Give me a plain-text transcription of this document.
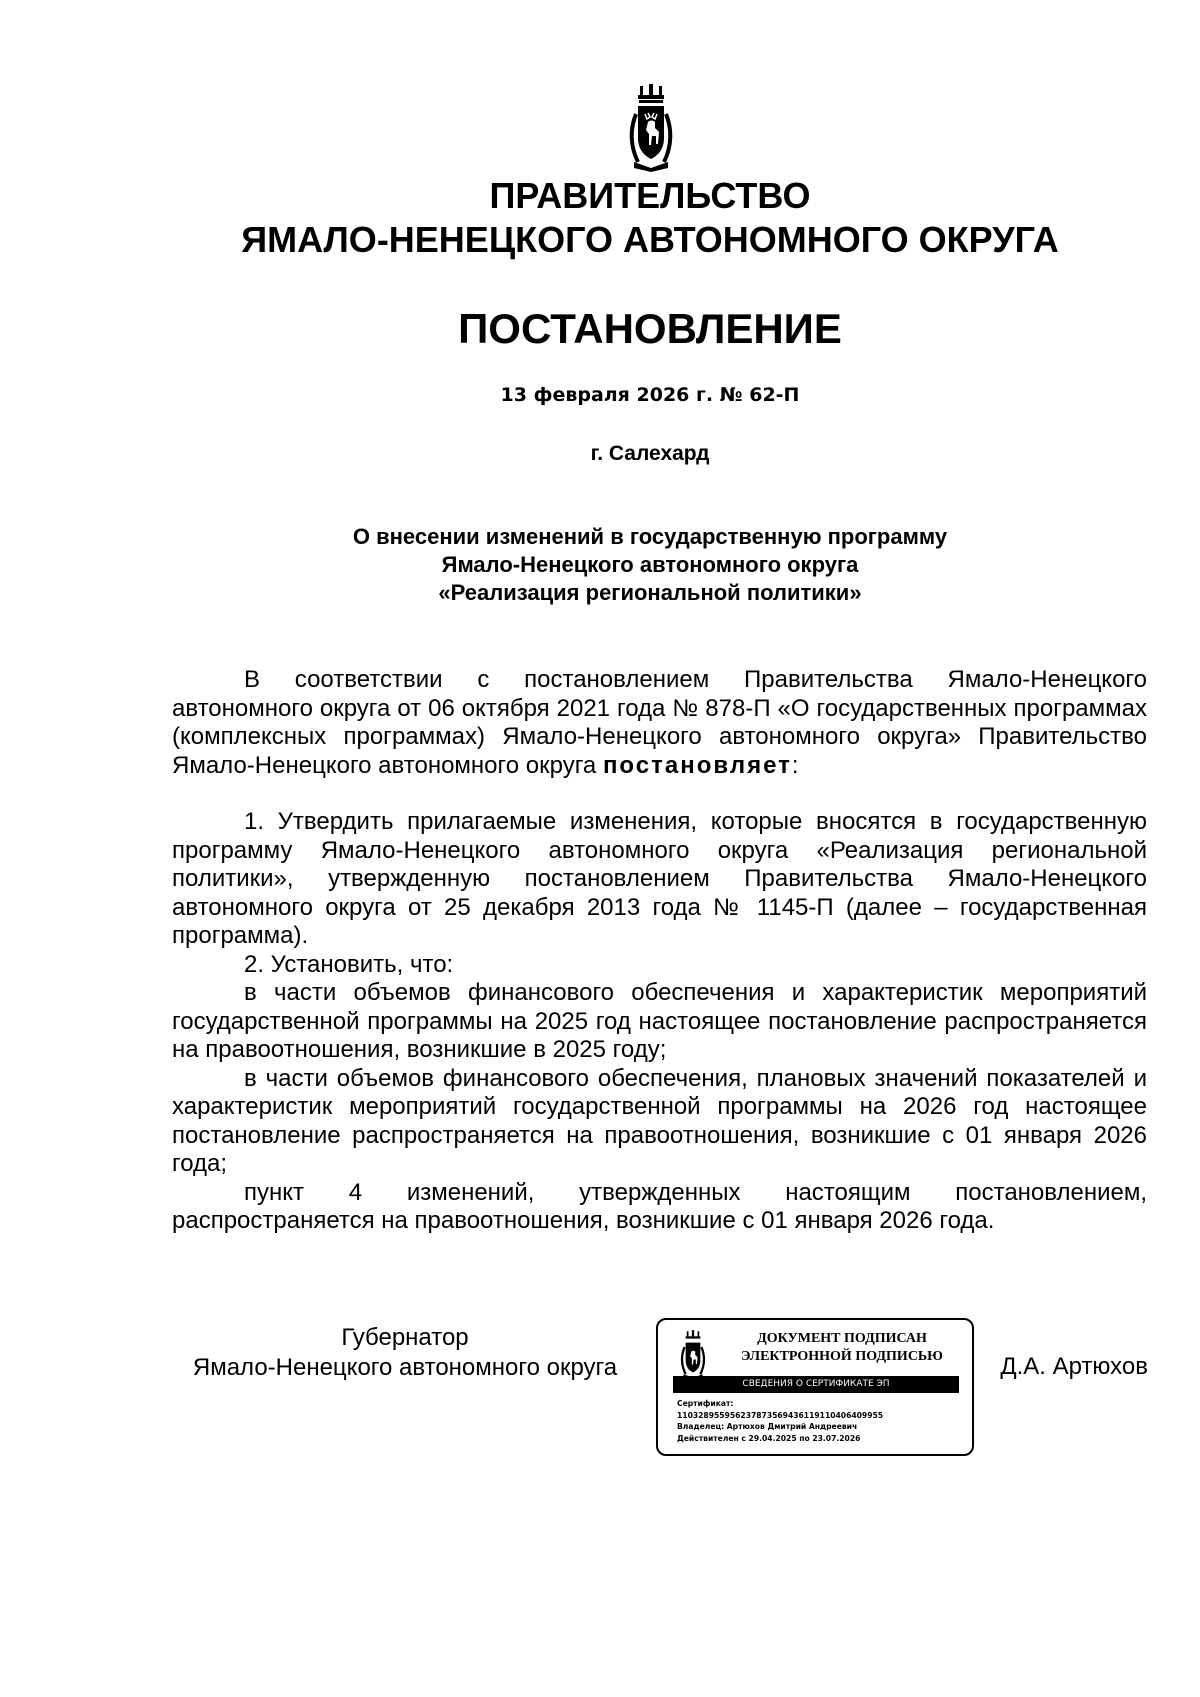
ПРАВИТЕЛЬСТВО
ЯМАЛО-НЕНЕЦКОГО АВТОНОМНОГО ОКРУГА
ПОСТАНОВЛЕНИЕ
13 февраля 2026 г. № 62-П
г. Салехард
О внесении изменений в государственную программу
Ямало-Ненецкого автономного округа
«Реализация региональной политики»

В соответствии с постановлением Правительства Ямало-Ненецкого автономного округа от 06 октября 2021 года № 878-П «О государственных программах (комплексных программах) Ямало-Ненецкого автономного округа» Правительство Ямало-Ненецкого автономного округа постановляет:

1. Утвердить прилагаемые изменения, которые вносятся в государственную программу Ямало-Ненецкого автономного округа «Реализация региональной политики», утвержденную постановлением Правительства Ямало-Ненецкого автономного округа от 25 декабря 2013 года № 1145-П (далее – государственная программа).

2. Установить, что:

в части объемов финансового обеспечения и характеристик мероприятий государственной программы на 2025 год настоящее постановление распространяется на правоотношения, возникшие в 2025 году;

в части объемов финансового обеспечения, плановых значений показателей и характеристик мероприятий государственной программы на 2026 год настоящее постановление распространяется на правоотношения, возникшие с 01 января 2026 года;

пункт 4 изменений, утвержденных настоящим постановлением, распространяется на правоотношения, возникшие с 01 января 2026 года.

Губернатор
Ямало-Ненецкого автономного округа
ДОКУМЕНТ ПОДПИСАН
ЭЛЕКТРОННОЙ ПОДПИСЬЮ
СВЕДЕНИЯ О СЕРТИФИКАТЕ ЭП
Сертификат:
110328955956237873569436119110406409955
Владелец: Артюхов Дмитрий Андреевич
Действителен с 29.04.2025 по 23.07.2026
Д.А. Артюхов
